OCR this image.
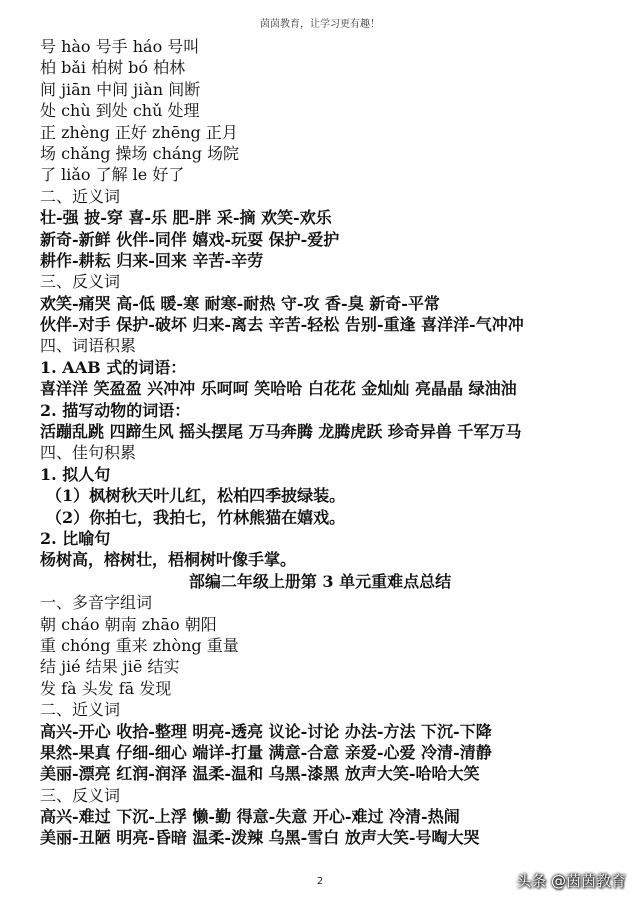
茵茵教育，让学习更有趣！
号 hào 号手 háo 号叫
柏 bǎi 柏树 bó 柏林
间 jiān 中间 jiàn 间断
处 chù 到处 chǔ 处理
正 zhèng 正好 zhēng 正月
场 chǎng 操场 cháng 场院
了 liǎo 了解 le 好了
二、近义词
壮-强 披-穿 喜-乐 肥-胖 采-摘 欢笑-欢乐
新奇-新鲜 伙伴-同伴 嬉戏-玩耍 保护-爱护
耕作-耕耘 归来-回来 辛苦-辛劳
三、反义词
欢笑-痛哭 高-低 暖-寒 耐寒-耐热 守-攻 香-臭 新奇-平常
伙伴-对手 保护-破坏 归来-离去 辛苦-轻松 告别-重逢 喜洋洋-气冲冲
四、词语积累
1. AAB 式的词语：
喜洋洋 笑盈盈 兴冲冲 乐呵呵 笑哈哈 白花花 金灿灿 亮晶晶 绿油油
2. 描写动物的词语：
活蹦乱跳 四蹄生风 摇头摆尾 万马奔腾 龙腾虎跃 珍奇异兽 千军万马
四、佳句积累
1. 拟人句
（1）枫树秋天叶儿红，松柏四季披绿装。
（2）你拍七，我拍七，竹林熊猫在嬉戏。
2. 比喻句
杨树高，榕树壮，梧桐树叶像手掌。
部编二年级上册第 3 单元重难点总结
一、多音字组词
朝 cháo 朝南 zhāo 朝阳
重 chóng 重来 zhòng 重量
结 jié 结果 jiē 结实
发 fà 头发 fā 发现
二、近义词
高兴-开心 收拾-整理 明亮-透亮 议论-讨论 办法-方法 下沉-下降
果然-果真 仔细-细心 端详-打量 满意-合意 亲爱-心爱 冷清-清静
美丽-漂亮 红润-润泽 温柔-温和 乌黑-漆黑 放声大笑-哈哈大笑
三、反义词
高兴-难过 下沉-上浮 懒-勤 得意-失意 开心-难过 冷清-热闹
美丽-丑陋 明亮-昏暗 温柔-泼辣 乌黑-雪白 放声大笑-号啕大哭
2	头条 @茵茵教育
